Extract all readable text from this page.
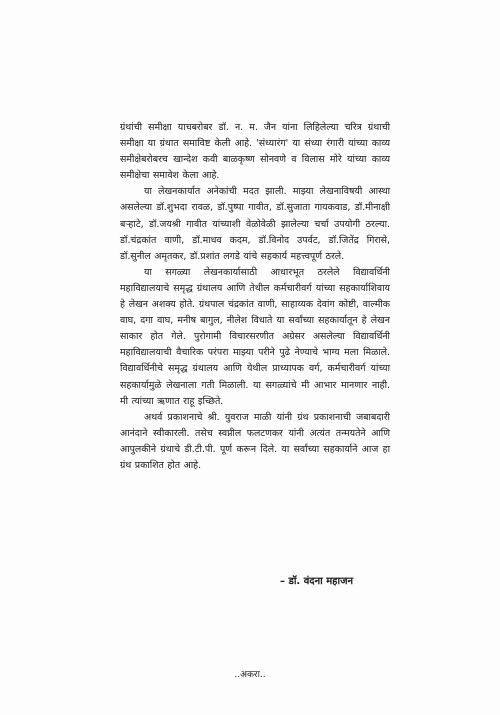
ग्रंथांची समीक्षा याचबरोबर डॉ. न. म. जैन यांना लिहिलेल्या चरित्र ग्रंथाची समीक्षा या ग्रंथात समाविष्ट केली आहे. 'संध्यारंग' या संध्या रंगारी यांच्या काव्य समीक्षेबरोबरच खान्देश कवी बाळकृष्ण सोनवणे व विलास मोरे यांच्या काव्य समीक्षेचा समावेश केला आहे.

या लेखनकार्यात अनेकांची मदत झाली. माझ्या लेखनाविषयी आस्था असलेल्या डॉ.शुभदा रावळ, डॉ.पुष्पा गावीत, डॉ.सुजाता गायकवाड, डॉ.मीनाक्षी बऱ्हाटे, डॉ.जयश्री गावीत यांच्याशी वेळोवेळी झालेल्या चर्चा उपयोगी ठरल्या. डॉ.चंद्रकांत वाणी, डॉ.माधव कदम, डॉ.विनोद उपर्वट, डॉ.जितेंद्र गिरासे, डॉ.सुनील अमृतकर, डॉ.प्रशांत लगडे यांचे सहकार्य महत्त्वपूर्ण ठरले.

या सगळ्या लेखनकार्यासाठी आधारभूत ठरलेले विद्यावर्धिनी महाविद्यालयाचे समृद्ध ग्रंथालय आणि तेथील कर्मचारीवर्ग यांच्या सहकार्याशिवाय हे लेखन अशक्य होते. ग्रंथपाल चंद्रकांत वाणी, साहाय्यक देवांग कोष्टी, वाल्मीक वाघ, दगा वाघ, मनीष बागुल, नीलेश विधाते या सर्वांच्या सहकार्यातून हे लेखन साकार होत गेले. पुरोगामी विचारसरणीत अग्रेसर असलेल्या विद्यावर्धिनी महाविद्यालयाची वैचारिक परंपरा माझ्या परीने पुढे नेण्याचे भाग्य मला मिळाले. विद्यावर्धिनीचे समृद्ध ग्रंथालय आणि येथील प्राध्यापक वर्ग, कर्मचारीवर्ग यांच्या सहकार्यामुळे लेखनाला गती मिळाली. या सगळ्यांचे मी आभार मानणार नाही. मी त्यांच्या ऋणात राहू इच्छिते.

अथर्व प्रकाशनाचे श्री. युवराज माळी यांनी ग्रंथ प्रकाशनाची जबाबदारी आनंदाने स्वीकारली. तसेच स्वप्नील फलटणकर यांनी अत्यंत तन्मयतेने आणि आपुलकीने ग्रंथाचे डी.टी.पी. पूर्ण करून दिले. या सर्वांच्या सहकार्याने आज हा ग्रंथ प्रकाशित होत आहे.

– डॉ. वंदना महाजन
..अकरा..
